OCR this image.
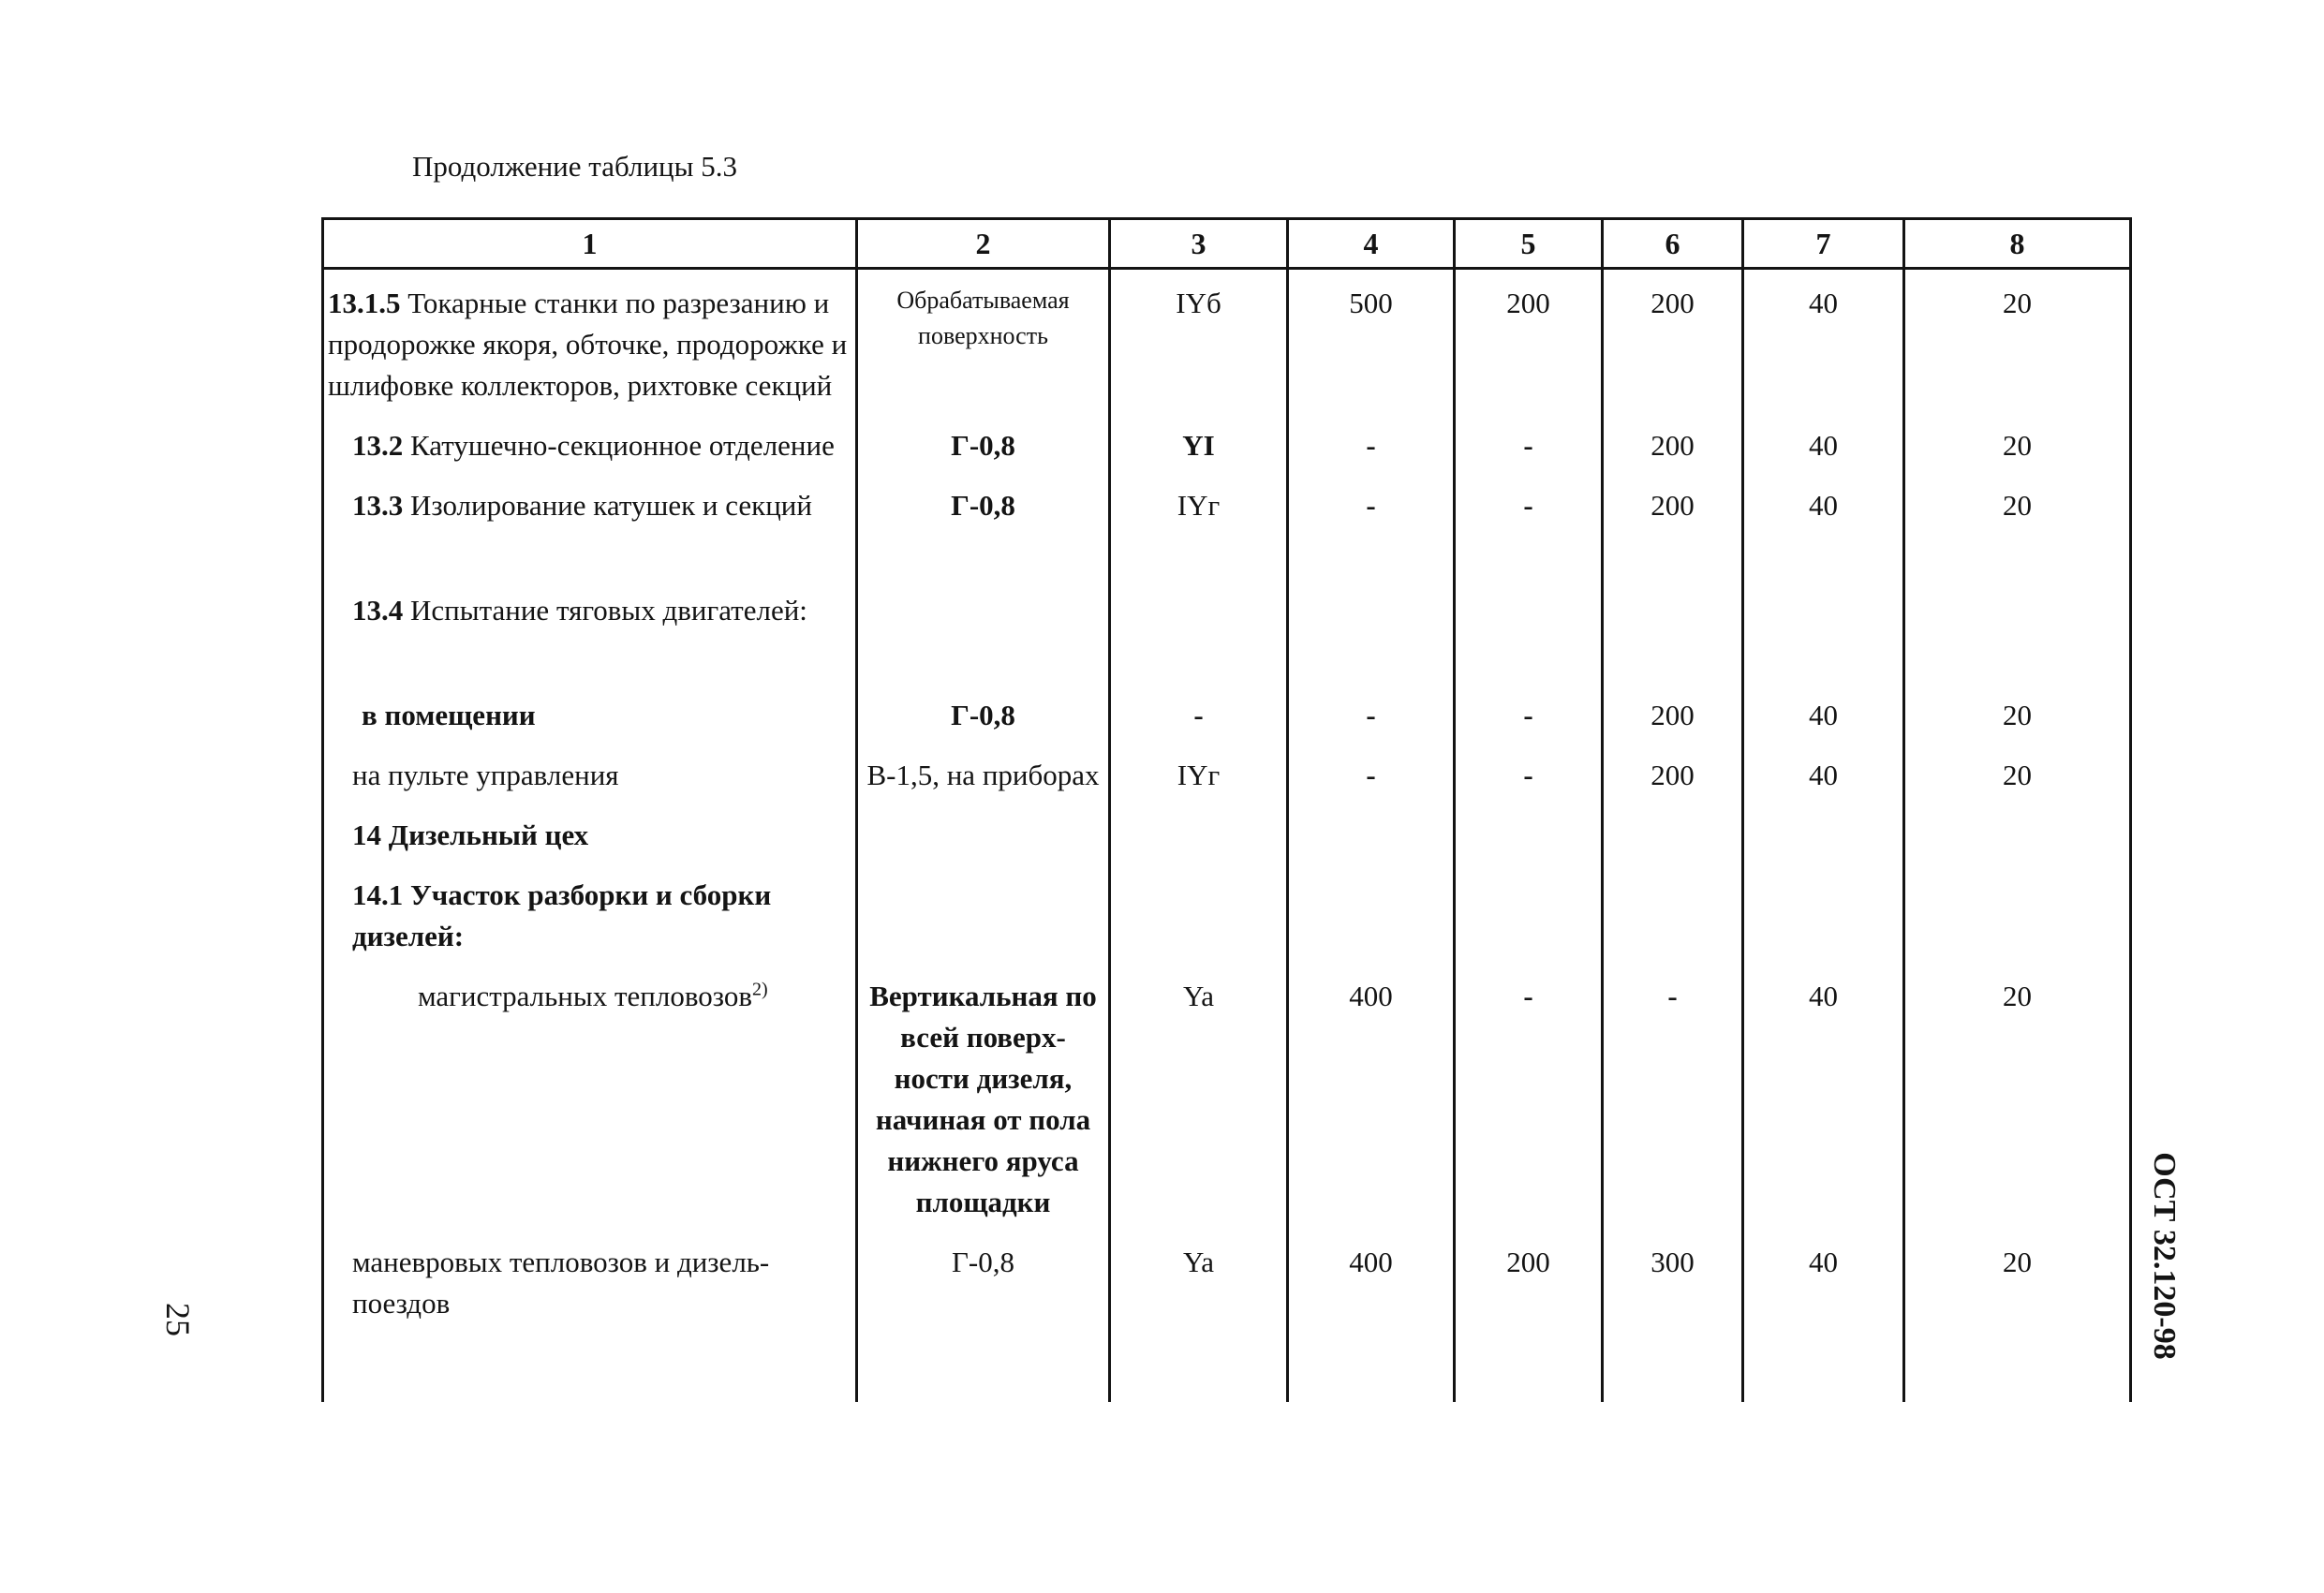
Продолжение таблицы 5.3
1	2	3	4	5	6	7	8
13.1.5 Токарные станки по разрезанию и продорожке якоря, обточке, продорожке и шлифовке коллекторов, рихтовке секций	Обрабатываемая поверхность	IYб	500	200	200	40	20
13.2 Катушечно-секционное отделение	Г-0,8	YI	-	-	200	40	20
13.3 Изолирование катушек и секций	Г-0,8	IYг	-	-	200	40	20

13.4 Испытание тяговых двигателей:							

в помещении	Г-0,8	-	-	-	200	40	20
на пульте управления	В-1,5, на приборах	IYг	-	-	200	40	20
14 Дизельный цех							
14.1 Участок разборки и сборки дизелей:							
магистральных тепловозов$^{2)}$	Вертикальная по всей поверх-ности дизеля, начиная от пола нижнего яруса площадки	Ya	400	-	-	40	20
маневровых тепловозов и дизель-поездов	Г-0,8	Ya	400	200	300	40	20
25	ОСТ 32.120-98
